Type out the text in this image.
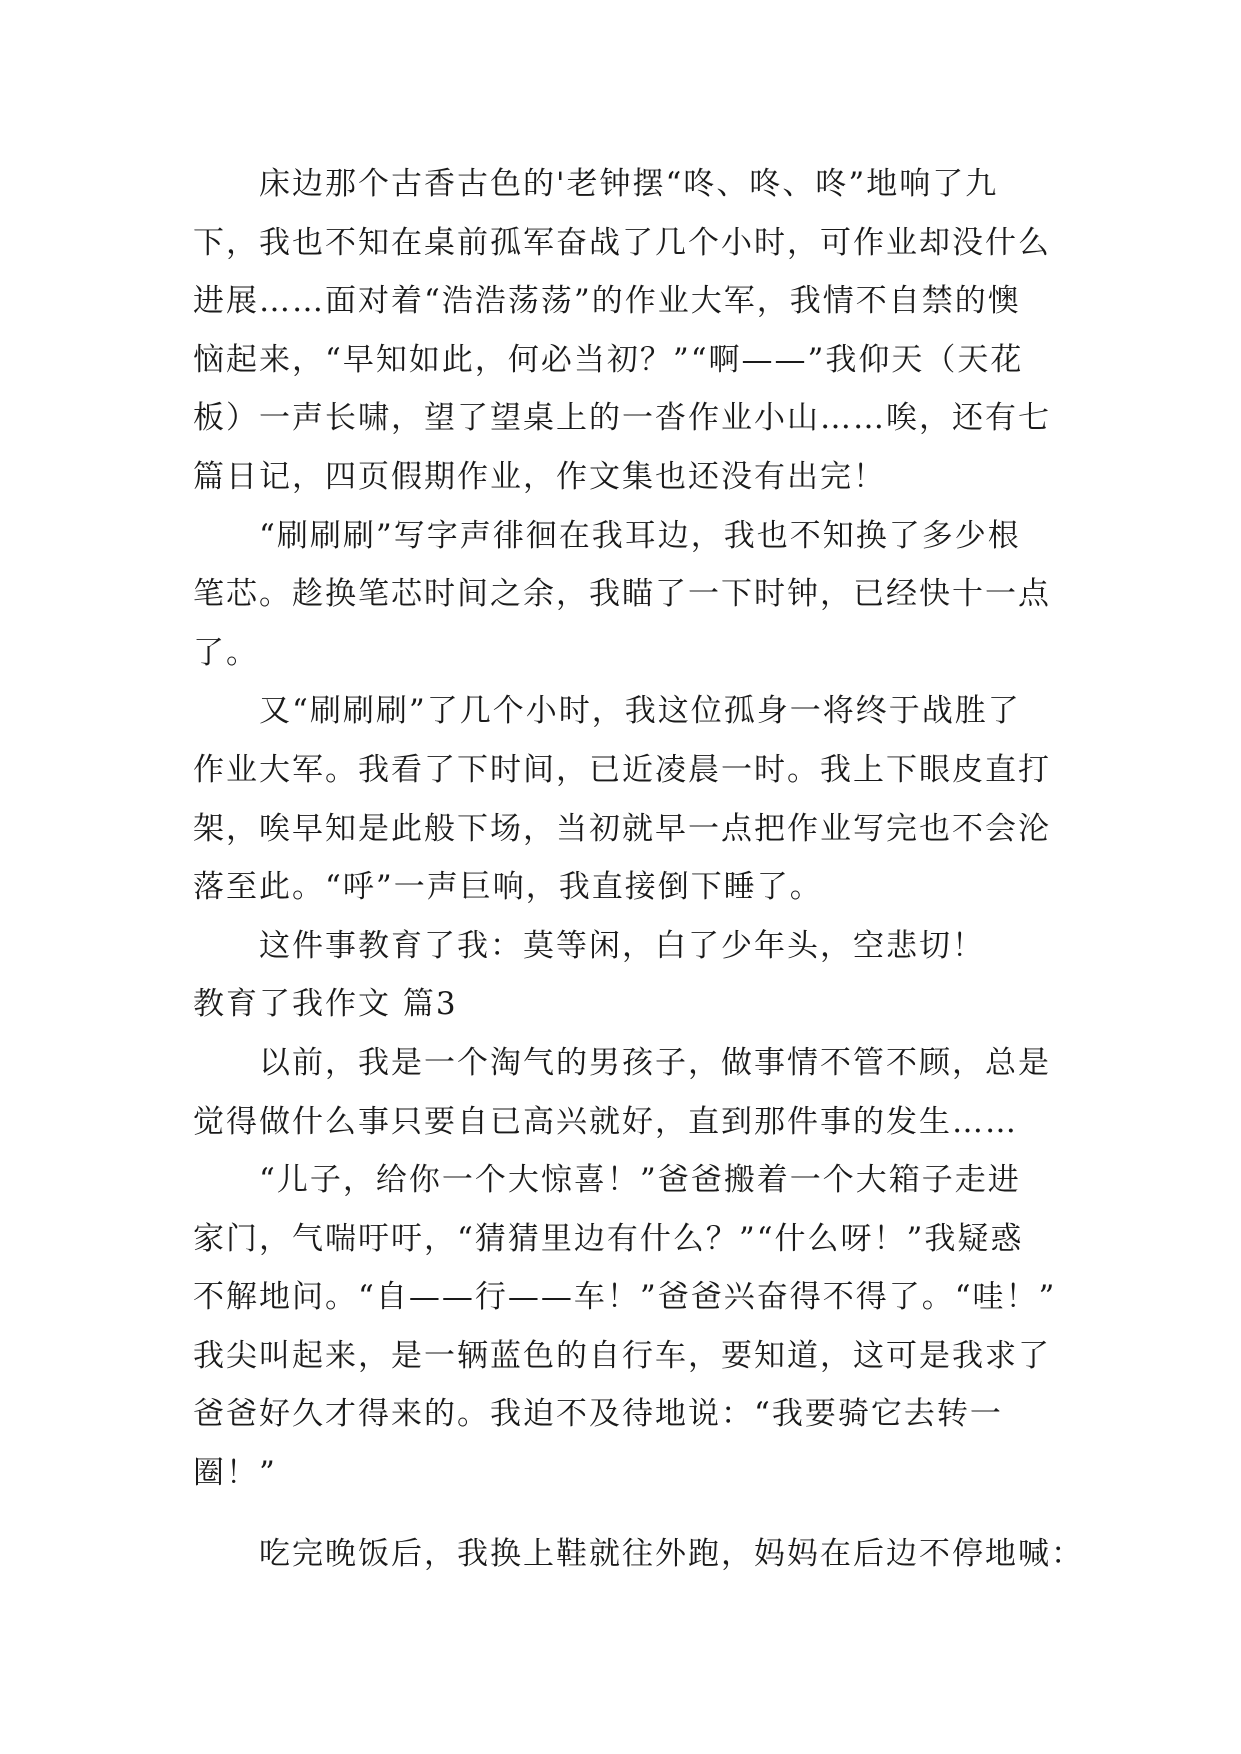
　　床边那个古香古色的'老钟摆“咚、咚、咚”地响了九
下，我也不知在桌前孤军奋战了几个小时，可作业却没什么
进展……面对着“浩浩荡荡”的作业大军，我情不自禁的懊
恼起来，“早知如此，何必当初？”“啊——”我仰天（天花
板）一声长啸，望了望桌上的一沓作业小山……唉，还有七
篇日记，四页假期作业，作文集也还没有出完！
　　“刷刷刷”写字声徘徊在我耳边，我也不知换了多少根
笔芯。趁换笔芯时间之余，我瞄了一下时钟，已经快十一点
了。
　　又“刷刷刷”了几个小时，我这位孤身一将终于战胜了
作业大军。我看了下时间，已近凌晨一时。我上下眼皮直打
架，唉早知是此般下场，当初就早一点把作业写完也不会沦
落至此。“呼”一声巨响，我直接倒下睡了。
　　这件事教育了我：莫等闲，白了少年头，空悲切！
教育了我作文 篇3
　　以前，我是一个淘气的男孩子，做事情不管不顾，总是
觉得做什么事只要自已高兴就好，直到那件事的发生……
　　“儿子，给你一个大惊喜！”爸爸搬着一个大箱子走进
家门，气喘吁吁，“猜猜里边有什么？”“什么呀！”我疑惑
不解地问。“自——行——车！”爸爸兴奋得不得了。“哇！”
我尖叫起来，是一辆蓝色的自行车，要知道，这可是我求了
爸爸好久才得来的。我迫不及待地说：“我要骑它去转一
圈！”
　　吃完晚饭后，我换上鞋就往外跑，妈妈在后边不停地喊：
